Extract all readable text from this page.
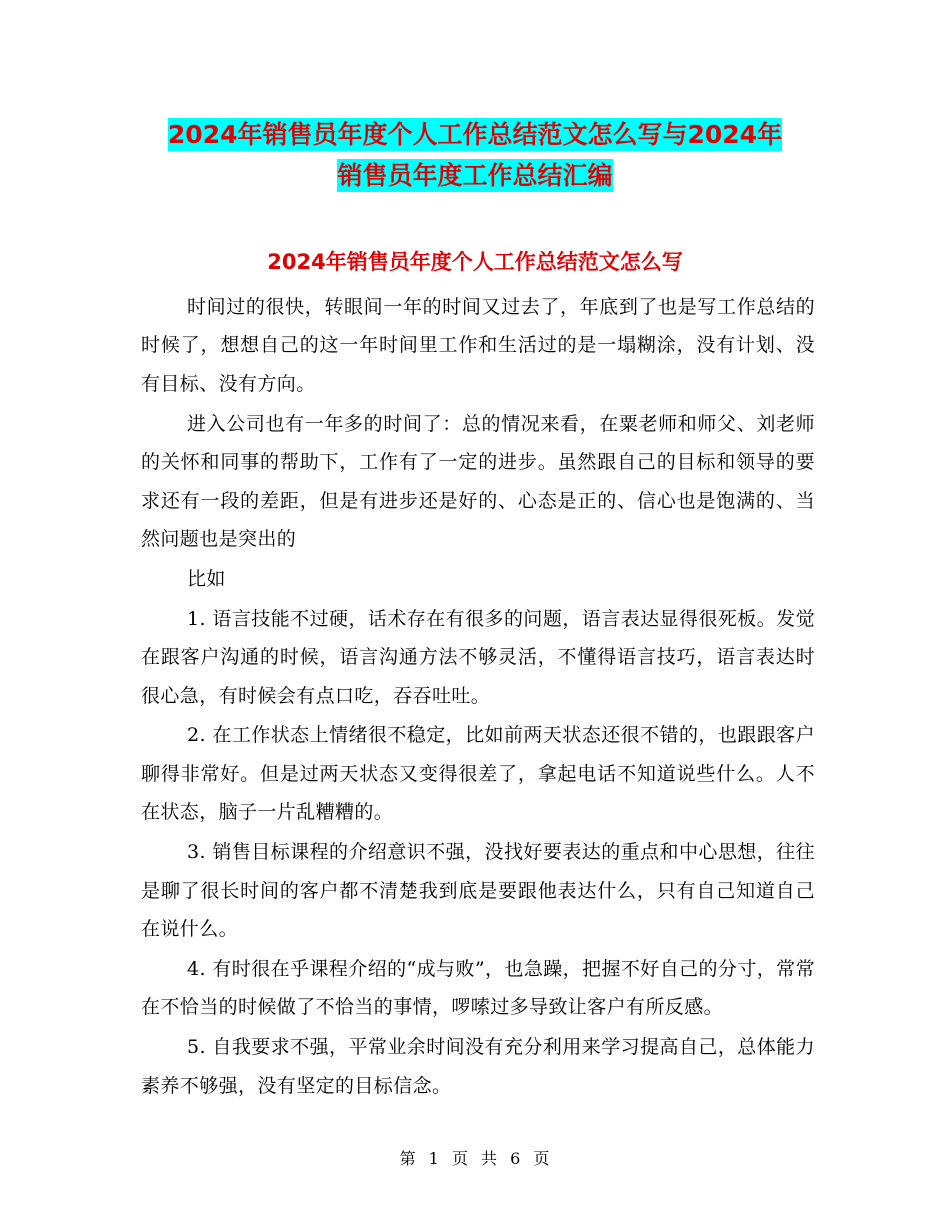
2024年销售员年度个人工作总结范文怎么写与2024年
销售员年度工作总结汇编
2024年销售员年度个人工作总结范文怎么写

时间过的很快，转眼间一年的时间又过去了，年底到了也是写工作总结的时候了，想想自己的这一年时间里工作和生活过的是一塌糊涂，没有计划、没有目标、没有方向。

进入公司也有一年多的时间了：总的情况来看，在粟老师和师父、刘老师的关怀和同事的帮助下，工作有了一定的进步。虽然跟自己的目标和领导的要求还有一段的差距，但是有进步还是好的、心态是正的、信心也是饱满的、当然问题也是突出的

比如

1. 语言技能不过硬，话术存在有很多的问题，语言表达显得很死板。发觉在跟客户沟通的时候，语言沟通方法不够灵活，不懂得语言技巧，语言表达时很心急，有时候会有点口吃，吞吞吐吐。

2. 在工作状态上情绪很不稳定，比如前两天状态还很不错的，也跟跟客户聊得非常好。但是过两天状态又变得很差了，拿起电话不知道说些什么。人不在状态，脑子一片乱糟糟的。

3. 销售目标课程的介绍意识不强，没找好要表达的重点和中心思想，往往是聊了很长时间的客户都不清楚我到底是要跟他表达什么，只有自己知道自己在说什么。

4. 有时很在乎课程介绍的“成与败”，也急躁，把握不好自己的分寸，常常在不恰当的时候做了不恰当的事情，啰嗦过多导致让客户有所反感。

5. 自我要求不强，平常业余时间没有充分利用来学习提高自己，总体能力素养不够强，没有坚定的目标信念。

第 1 页 共 6 页
